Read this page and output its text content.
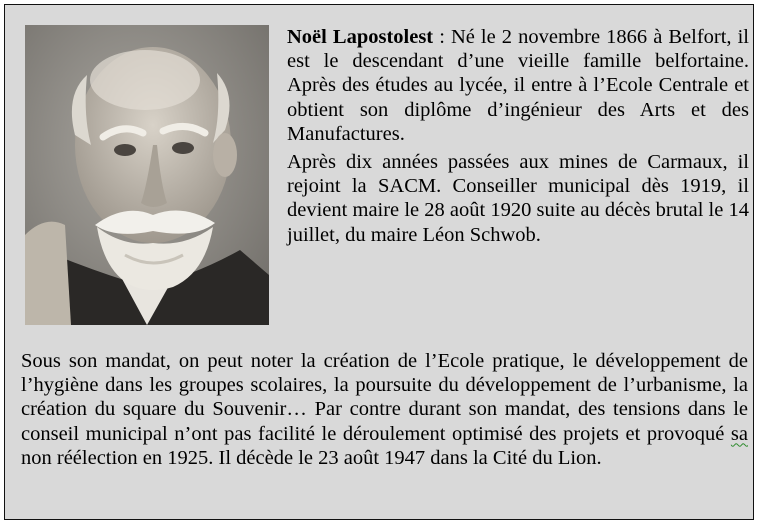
Noël Lapostolest : Né le 2 novembre 1866 à Belfort, il est le descendant d’une vieille famille belfortaine. Après des études au lycée, il entre à l’Ecole Centrale et obtient son diplôme d’ingénieur des Arts et des Manufactures.

Après dix années passées aux mines de Carmaux, il rejoint la SACM. Conseiller municipal dès 1919, il devient maire le 28 août 1920 suite au décès brutal le 14 juillet, du maire Léon Schwob.

Sous son mandat, on peut noter la création de l’Ecole pratique, le développement de l’hygiène dans les groupes scolaires, la poursuite du développement de l’urbanisme, la création du square du Souvenir… Par contre durant son mandat, des tensions dans le conseil municipal n’ont pas facilité le déroulement optimisé des projets et provoqué sa non réélection en 1925. Il décède le 23 août 1947 dans la Cité du Lion.
